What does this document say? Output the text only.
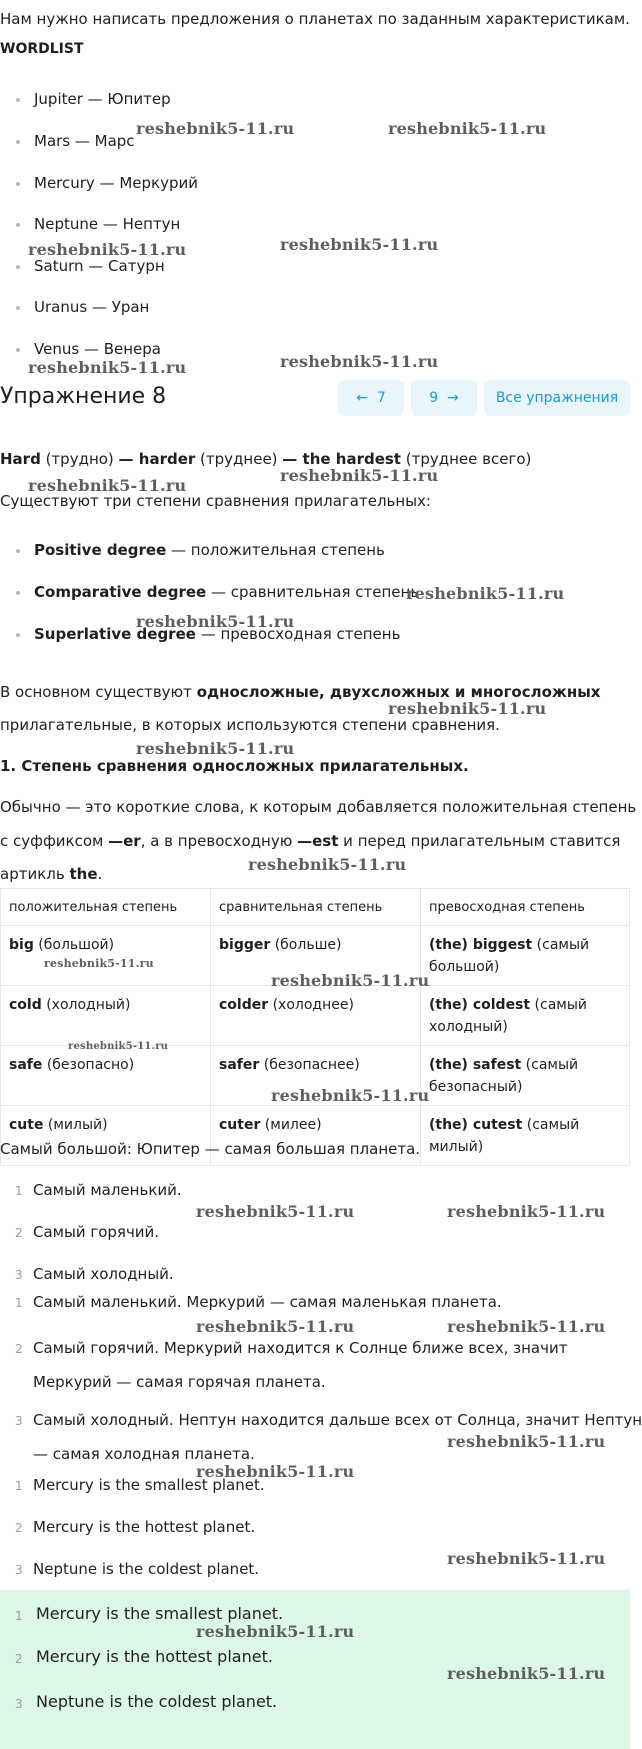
Нам нужно написать предложения о планетах по заданным характеристикам.
WORDLIST
Jupiter — Юпитер
Mars — Марс
Mercury — Меркурий
Neptune — Нептун
Saturn — Сатурн
Uranus — Уран
Venus — Венера
Упражнение 8	← 7	9 →	Все упражнения
Hard (трудно) — harder (труднее) — the hardest (труднее всего)
Существуют три степени сравнения прилагательных:
Positive degree — положительная степень
Comparative degree — сравнительная степень
Superlative degree — превосходная степень
В основном существуют односложные, двухсложных и многосложных
прилагательные, в которых используются степени сравнения.
1. Степень сравнения односложных прилагательных.
Обычно — это короткие слова, к которым добавляется положительная степень
с суффиксом —er, а в превосходную —est и перед прилагательным ставится
артикль the.
положительная степень	сравнительная степень	превосходная степень
big (большой)	bigger (больше)	(the) biggest (самый большой)
cold (холодный)	colder (холоднее)	(the) coldest (самый холодный)
safe (безопасно)	safer (безопаснее)	(the) safest (самый безопасный)
cute (милый)	cuter (милее)	(the) cutest (самый милый)
Самый большой: Юпитер — самая большая планета.
1 Самый маленький.
2 Самый горячий.
3 Самый холодный.
1 Самый маленький. Меркурий — самая маленькая планета.
2 Самый горячий. Меркурий находится к Солнце ближе всех, значит
Меркурий — самая горячая планета.
3 Самый холодный. Нептун находится дальше всех от Солнца, значит Нептун
— самая холодная планета.
1 Mercury is the smallest planet.
2 Mercury is the hottest planet.
3 Neptune is the coldest planet.
1 Mercury is the smallest planet.
2 Mercury is the hottest planet.
3 Neptune is the coldest planet.
reshebnik5-11.ru	reshebnik5-11.ru
reshebnik5-11.ru	reshebnik5-11.ru
reshebnik5-11.ru	reshebnik5-11.ru
reshebnik5-11.ru
reshebnik5-11.ru
reshebnik5-11.ru
reshebnik5-11.ru
reshebnik5-11.ru
reshebnik5-11.ru
reshebnik5-11.ru
reshebnik5-11.ru
reshebnik5-11.ru
reshebnik5-11.ru
reshebnik5-11.ru
reshebnik5-11.ru	reshebnik5-11.ru
reshebnik5-11.ru	reshebnik5-11.ru
reshebnik5-11.ru
reshebnik5-11.ru
reshebnik5-11.ru
reshebnik5-11.ru
reshebnik5-11.ru
